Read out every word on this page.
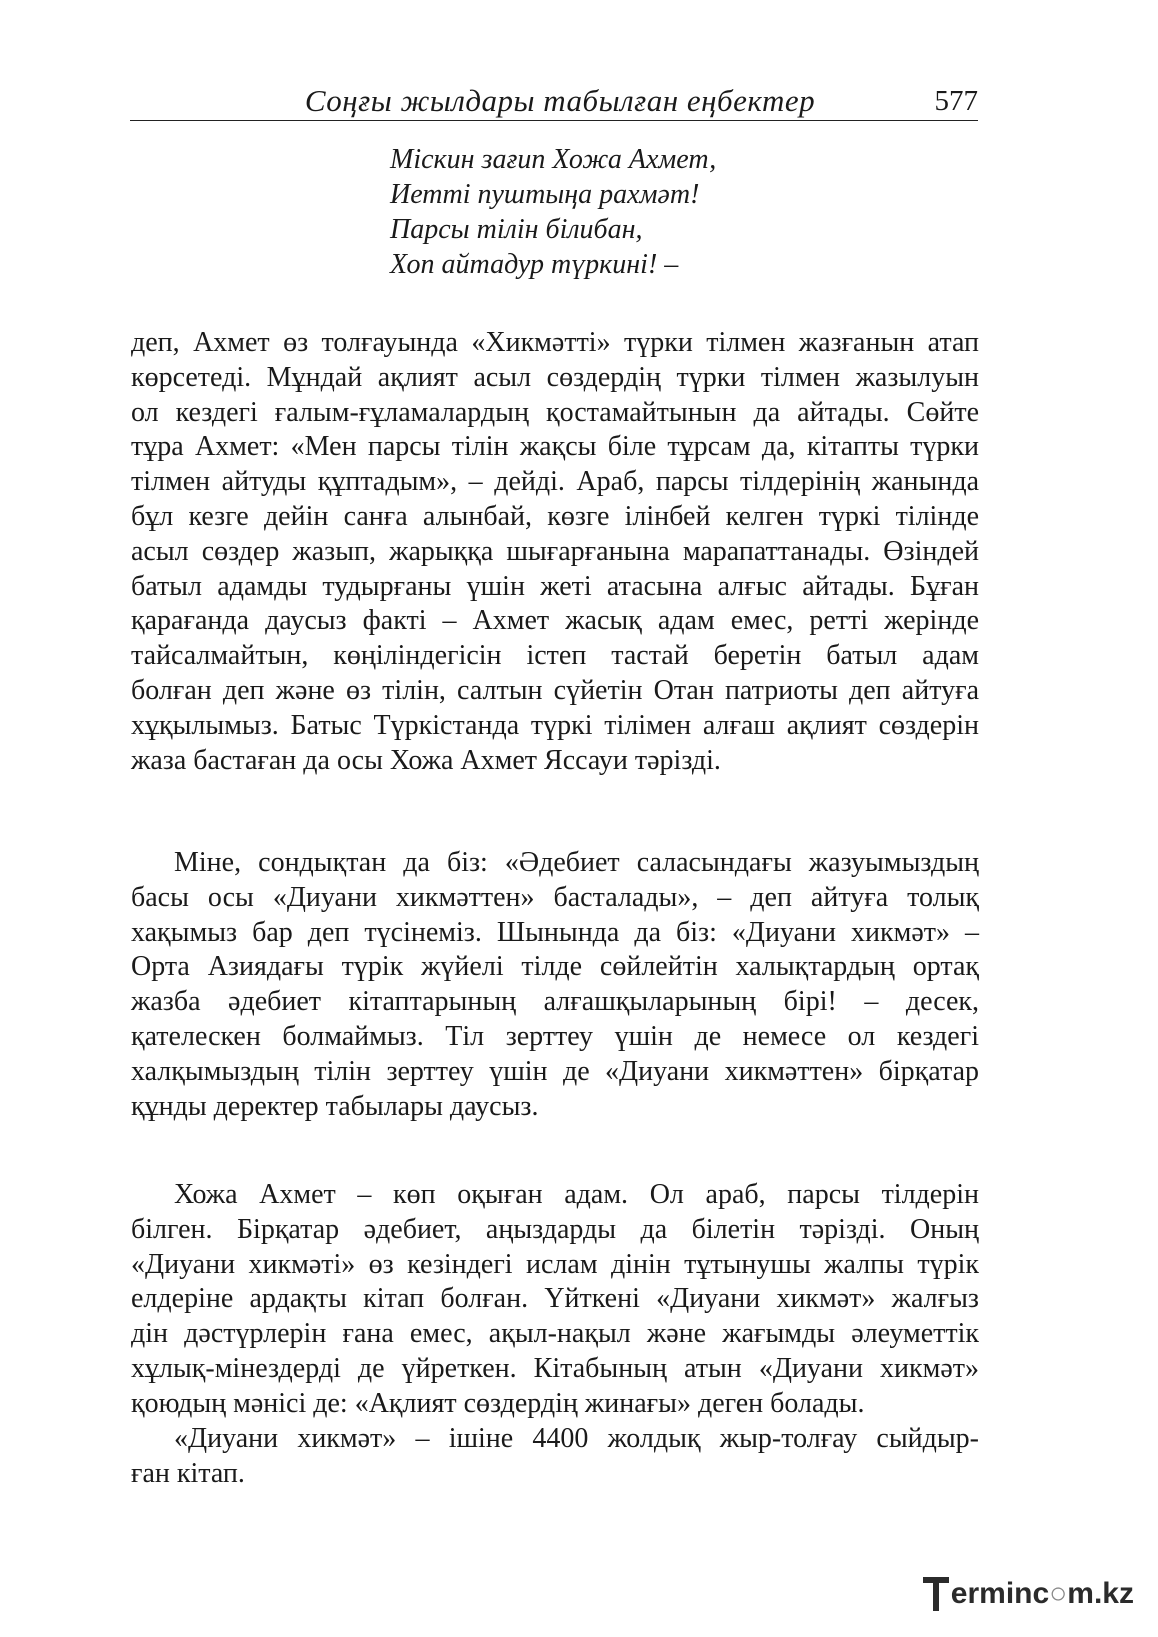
Соңғы жылдары табылған еңбектер	577
Міскин зағип Хожа Ахмет,
Иетті пуштыңа рахмәт!
Парсы тілін білибан,
Хоп айтадур түркині! –
деп, Ахмет өз толғауында «Хикмәтті» түрки тілмен жазғанын атап
көрсетеді. Мұндай ақлият асыл сөздердің түрки тілмен жазылуын
ол кездегі ғалым-ғұламалардың қостамайтынын да айтады. Сөйте
тұра Ахмет: «Мен парсы тілін жақсы біле тұрсам да, кітапты түрки
тілмен айтуды құптадым», – дейді. Араб, парсы тілдерінің жанында
бұл кезге дейін санға алынбай, көзге ілінбей келген түркі тілінде
асыл сөздер жазып, жарыққа шығарғанына марапаттанады. Өзіндей
батыл адамды тудырғаны үшін жеті атасына алғыс айтады. Бұған
қарағанда даусыз факті – Ахмет жасық адам емес, ретті жерінде
тайсалмайтын, көңіліндегісін істеп тастай беретін батыл адам
болған деп және өз тілін, салтын сүйетін Отан патриоты деп айтуға
хұқылымыз. Батыс Түркістанда түркі тілімен алғаш ақлият сөздерін
жаза бастаған да осы Хожа Ахмет Яссауи тәрізді.
Міне, сондықтан да біз: «Әдебиет саласындағы жазуымыздың
басы осы «Диуани хикмәттен» басталады», – деп айтуға толық
хақымыз бар деп түсінеміз. Шынында да біз: «Диуани хикмәт» –
Орта Азиядағы түрік жүйелі тілде сөйлейтін халықтардың ортақ
жазба әдебиет кітаптарының алғашқыларының бірі! – десек,
қателескен болмаймыз. Тіл зерттеу үшін де немесе ол кездегі
халқымыздың тілін зерттеу үшін де «Диуани хикмәттен» бірқатар
құнды деректер табылары даусыз.
Хожа Ахмет – көп оқыған адам. Ол араб, парсы тілдерін
білген. Бірқатар әдебиет, аңыздарды да білетін тәрізді. Оның
«Диуани хикмәті» өз кезіндегі ислам дінін тұтынушы жалпы түрік
елдеріне ардақты кітап болған. Үйткені «Диуани хикмәт» жалғыз
дін дәстүрлерін ғана емес, ақыл-нақыл және жағымды әлеуметтік
хұлық-мінездерді де үйреткен. Кітабының атын «Диуани хикмәт»
қоюдың мәнісі де: «Ақлият сөздердің жинағы» деген болады.
«Диуани хикмәт» – ішіне 4400 жолдық жыр-толғау сыйдыр-
ған кітап.
ermin c ○ m.kz
